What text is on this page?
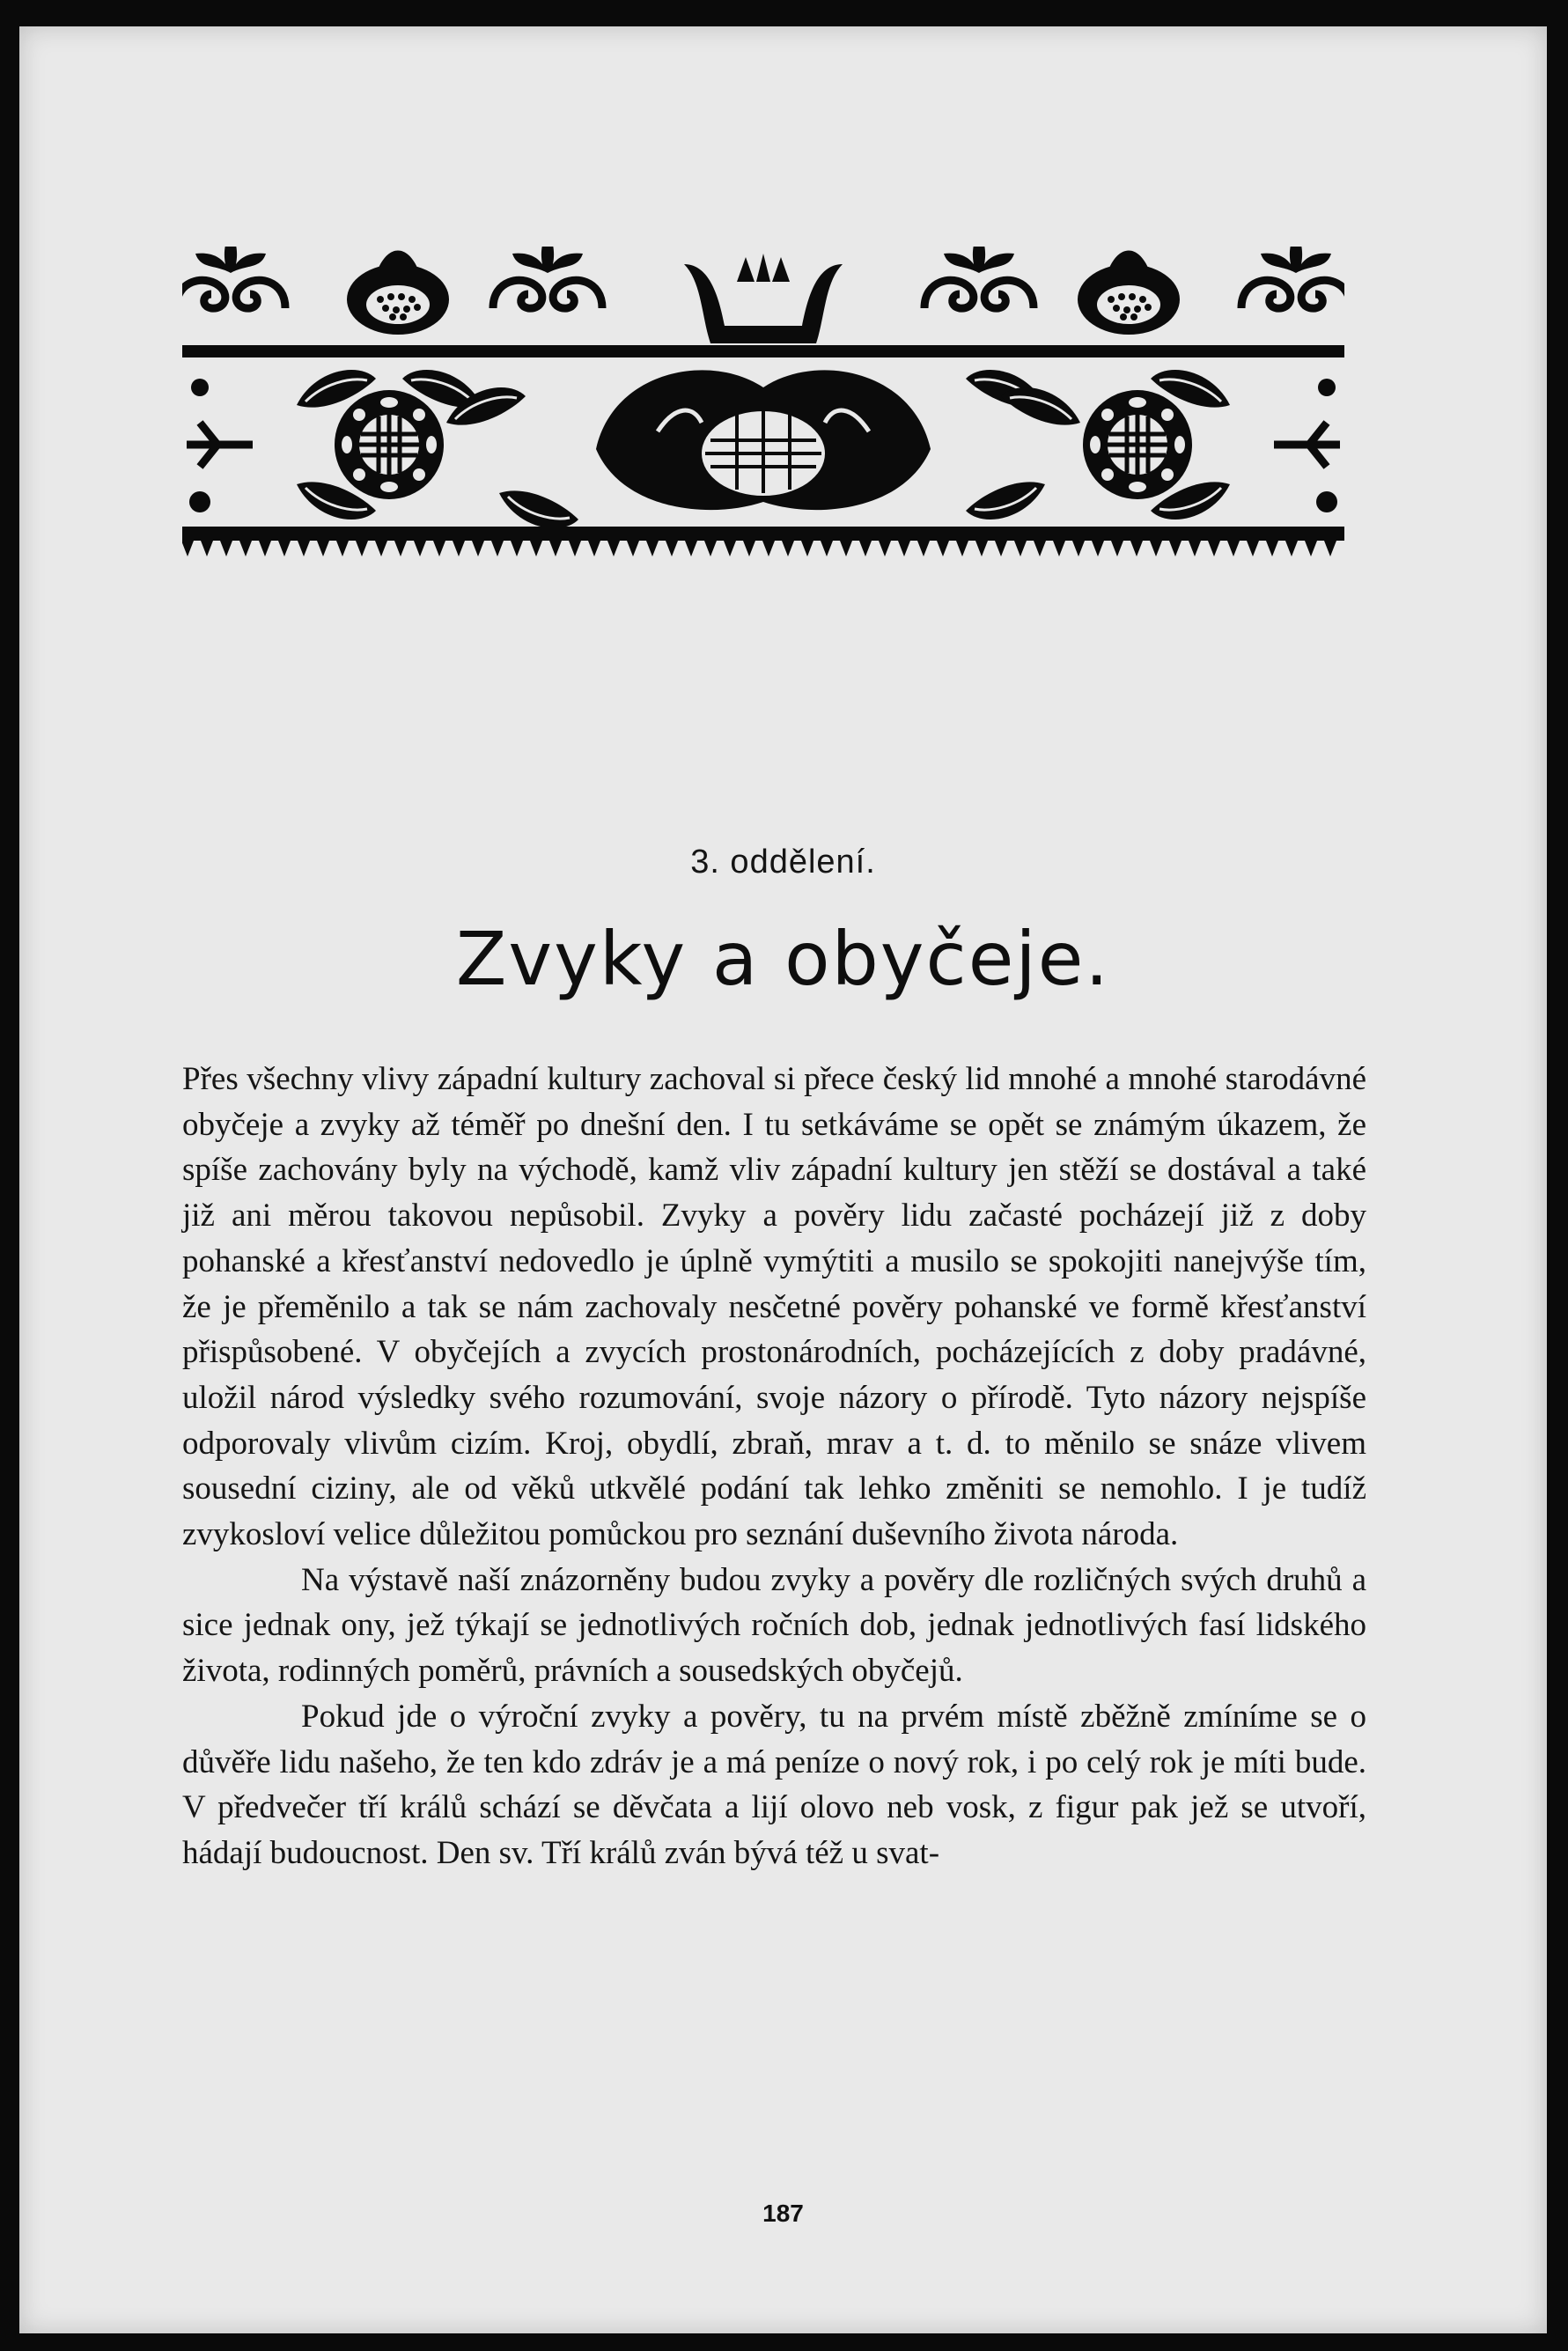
3. oddělení.
Zvyky a obyčeje.

Přes všechny vlivy západní kultury zachoval si přece český lid mnohé a mnohé starodávné obyčeje a zvyky až téměř po dnešní den. I tu setkáváme se opět se známým úkazem, že spíše zachovány byly na východě, kamž vliv západní kultury jen stěží se dostával a také již ani měrou takovou nepůsobil. Zvyky a pověry lidu začasté pocházejí již z doby pohanské a křesťanství nedovedlo je úplně vymýtiti a musilo se spokojiti nanejvýše tím, že je přeměnilo a tak se nám zachovaly nesčetné pověry pohanské ve formě křesťanství přispůsobené. V obyčejích a zvycích prostonárodních, pocházejících z doby pradávné, uložil národ výsledky svého rozumování, svoje názory o přírodě. Tyto názory nejspíše odporovaly vlivům cizím. Kroj, obydlí, zbraň, mrav a t. d. to měnilo se snáze vlivem sousední ciziny, ale od věků utkvělé podání tak lehko změniti se nemohlo. I je tudíž zvykosloví velice důležitou pomůckou pro seznání duševního života národa.

Na výstavě naší znázorněny budou zvyky a pověry dle rozličných svých druhů a sice jednak ony, jež týkají se jednotlivých ročních dob, jednak jednotlivých fasí lidského života, rodinných poměrů, právních a sousedských obyčejů.

Pokud jde o výroční zvyky a pověry, tu na prvém místě zběžně zmíníme se o důvěře lidu našeho, že ten kdo zdráv je a má peníze o nový rok, i po celý rok je míti bude. V předvečer tří králů schází se děvčata a lijí olovo neb vosk, z figur pak jež se utvoří, hádají budoucnost. Den sv. Tří králů zván bývá též u svat-

187
